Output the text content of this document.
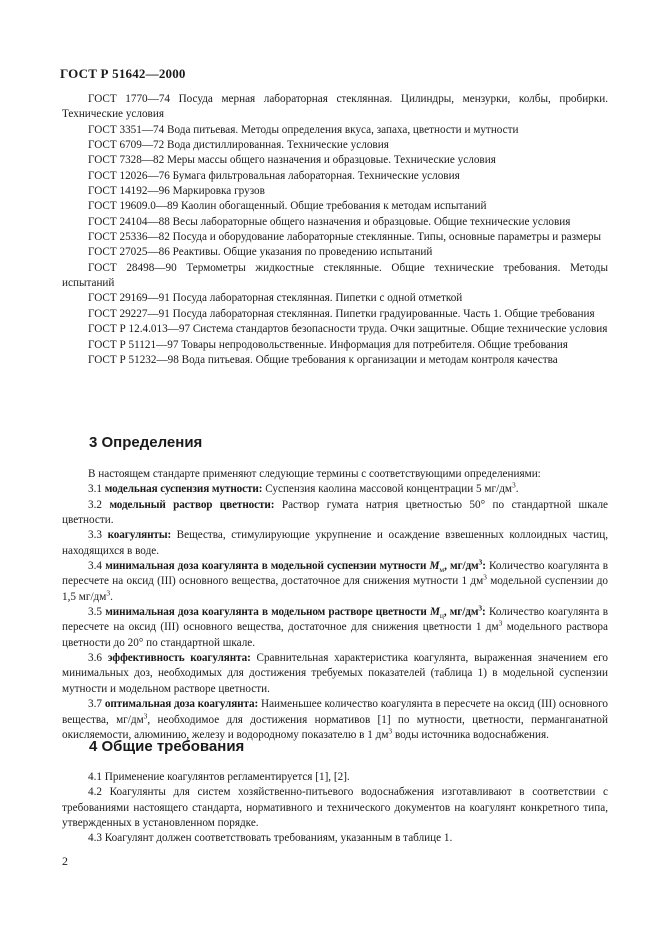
ГОСТ Р 51642—2000

ГОСТ 1770—74 Посуда мерная лабораторная стеклянная. Цилиндры, мензурки, колбы, пробирки. Технические условия

ГОСТ 3351—74 Вода питьевая. Методы определения вкуса, запаха, цветности и мутности

ГОСТ 6709—72 Вода дистиллированная. Технические условия

ГОСТ 7328—82 Меры массы общего назначения и образцовые. Технические условия

ГОСТ 12026—76 Бумага фильтровальная лабораторная. Технические условия

ГОСТ 14192—96 Маркировка грузов

ГОСТ 19609.0—89 Каолин обогащенный. Общие требования к методам испытаний

ГОСТ 24104—88 Весы лабораторные общего назначения и образцовые. Общие технические условия

ГОСТ 25336—82 Посуда и оборудование лабораторные стеклянные. Типы, основные параметры и размеры

ГОСТ 27025—86 Реактивы. Общие указания по проведению испытаний

ГОСТ 28498—90 Термометры жидкостные стеклянные. Общие технические требования. Методы испытаний

ГОСТ 29169—91 Посуда лабораторная стеклянная. Пипетки с одной отметкой

ГОСТ 29227—91 Посуда лабораторная стеклянная. Пипетки градуированные. Часть 1. Общие требования

ГОСТ Р 12.4.013—97 Система стандартов безопасности труда. Очки защитные. Общие технические условия

ГОСТ Р 51121—97 Товары непродовольственные. Информация для потребителя. Общие требования

ГОСТ Р 51232—98 Вода питьевая. Общие требования к организации и методам контроля качества

3 Определения

В настоящем стандарте применяют следующие термины с соответствующими определениями:

3.1 модельная суспензия мутности: Суспензия каолина массовой концентрации 5 $мг/дм^3$.

3.2 модельный раствор цветности: Раствор гумата натрия цветностью 50° по стандартной шкале цветности.

3.3 коагулянты: Вещества, стимулирующие укрупнение и осаждение взвешенных коллоидных частиц, находящихся в воде.

3.4 минимальная доза коагулянта в модельной суспензии мутности $M_м$, $мг/дм^3$: Количество коагулянта в пересчете на оксид (III) основного вещества, достаточное для снижения мутности 1 $дм^3$ модельной суспензии до 1,5 $мг/дм^3$.

3.5 минимальная доза коагулянта в модельном растворе цветности $M_ц$, $мг/дм^3$: Количество коагулянта в пересчете на оксид (III) основного вещества, достаточное для снижения цветности 1 $дм^3$ модельного раствора цветности до 20° по стандартной шкале.

3.6 эффективность коагулянта: Сравнительная характеристика коагулянта, выраженная значением его минимальных доз, необходимых для достижения требуемых показателей (таблица 1) в модельной суспензии мутности и модельном растворе цветности.

3.7 оптимальная доза коагулянта: Наименьшее количество коагулянта в пересчете на оксид (III) основного вещества, $мг/дм^3$, необходимое для достижения нормативов [1] по мутности, цветности, перманганатной окисляемости, алюминию, железу и водородному показателю в 1 $дм^3$ воды источника водоснабжения.

4 Общие требования

4.1 Применение коагулянтов регламентируется [1], [2].

4.2 Коагулянты для систем хозяйственно-питьевого водоснабжения изготавливают в соответствии с требованиями настоящего стандарта, нормативного и технического документов на коагулянт конкретного типа, утвержденных в установленном порядке.

4.3 Коагулянт должен соответствовать требованиям, указанным в таблице 1.

2
